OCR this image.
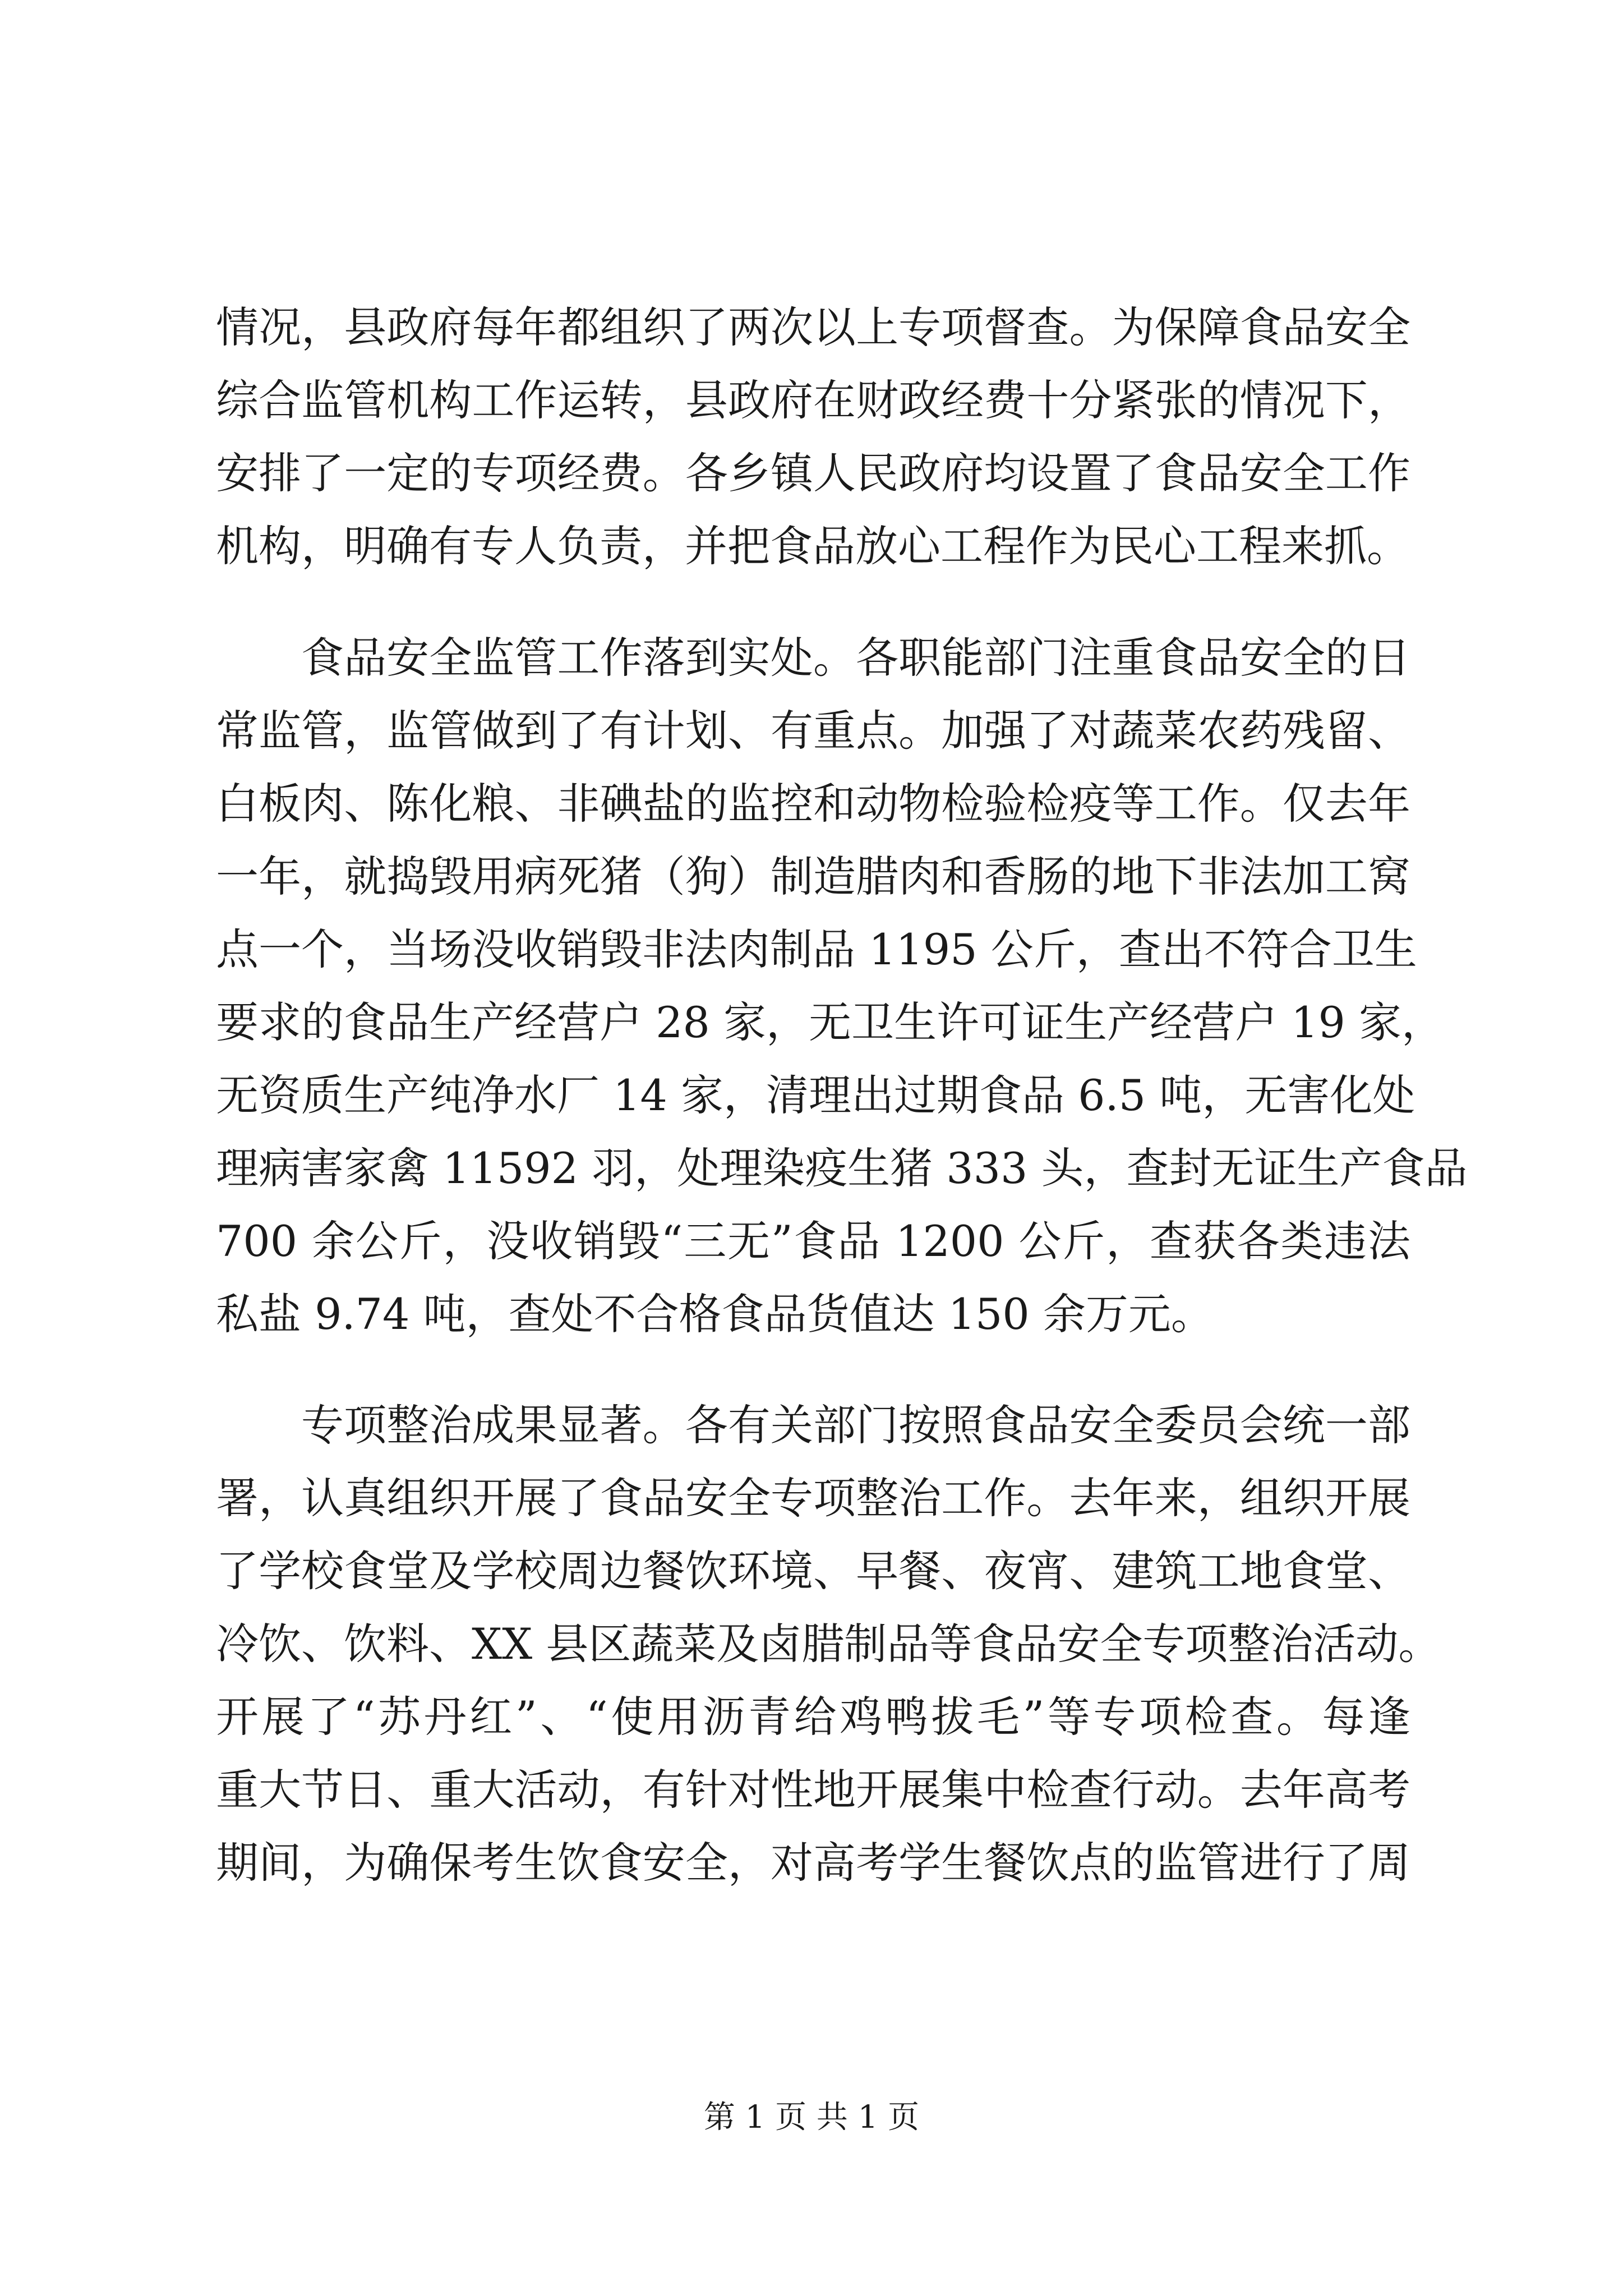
情况，县政府每年都组织了两次以上专项督查。为保障食品安全
综合监管机构工作运转，县政府在财政经费十分紧张的情况下，
安排了一定的专项经费。各乡镇人民政府均设置了食品安全工作
机构，明确有专人负责，并把食品放心工程作为民心工程来抓。
食品安全监管工作落到实处。各职能部门注重食品安全的日
常监管，监管做到了有计划、有重点。加强了对蔬菜农药残留、
白板肉、陈化粮、非碘盐的监控和动物检验检疫等工作。仅去年
一年，就捣毁用病死猪（狗）制造腊肉和香肠的地下非法加工窝
点一个，当场没收销毁非法肉制品 1195 公斤，查出不符合卫生
要求的食品生产经营户 28 家，无卫生许可证生产经营户 19 家，
无资质生产纯净水厂 14 家，清理出过期食品 6.5 吨，无害化处
理病害家禽 11592 羽，处理染疫生猪 333 头，查封无证生产食品
700 余公斤，没收销毁“三无”食品 1200 公斤，查获各类违法
私盐 9.74 吨，查处不合格食品货值达 150 余万元。
专项整治成果显著。各有关部门按照食品安全委员会统一部
署，认真组织开展了食品安全专项整治工作。去年来，组织开展
了学校食堂及学校周边餐饮环境、早餐、夜宵、建筑工地食堂、
冷饮、饮料、XX 县区蔬菜及卤腊制品等食品安全专项整治活动。
开展了“苏丹红”、“使用沥青给鸡鸭拔毛”等专项检查。每逢
重大节日、重大活动，有针对性地开展集中检查行动。去年高考
期间，为确保考生饮食安全，对高考学生餐饮点的监管进行了周
第 1 页 共 1 页
